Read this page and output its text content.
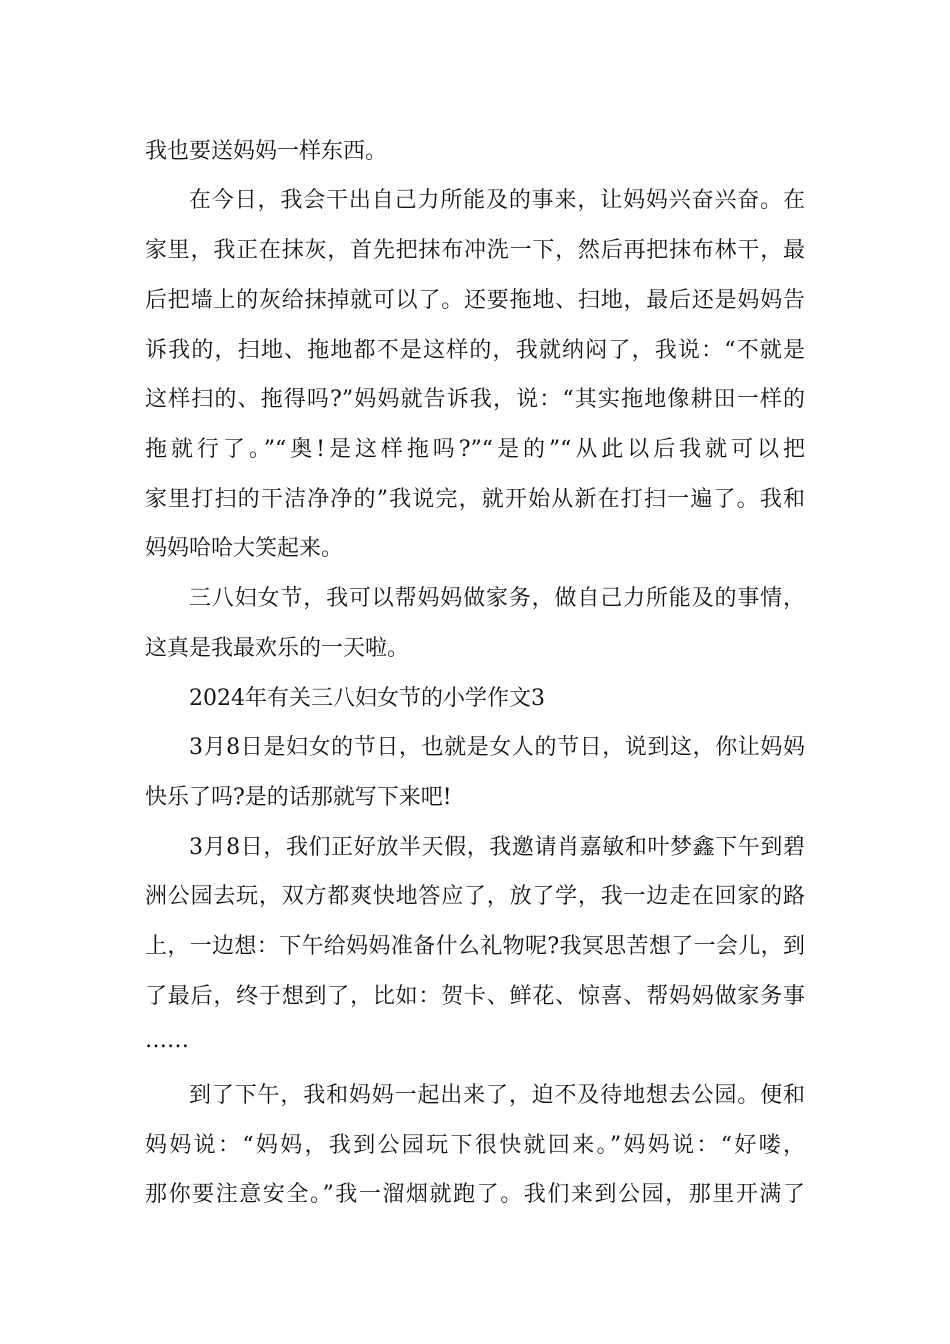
我也要送妈妈一样东西。
在今日，我会干出自己力所能及的事来，让妈妈兴奋兴奋。在
家里，我正在抹灰，首先把抹布冲洗一下，然后再把抹布林干，最
后把墙上的灰给抹掉就可以了。还要拖地、扫地，最后还是妈妈告
诉我的，扫地、拖地都不是这样的，我就纳闷了，我说：“不就是
这样扫的、拖得吗?”妈妈就告诉我，说：“其实拖地像耕田一样的
拖就行了。”“奥!是这样拖吗?”“是的”“从此以后我就可以把
家里打扫的干洁净净的”我说完，就开始从新在打扫一遍了。我和
妈妈哈哈大笑起来。
三八妇女节，我可以帮妈妈做家务，做自己力所能及的事情，
这真是我最欢乐的一天啦。
2024年有关三八妇女节的小学作文3
3月8日是妇女的节日，也就是女人的节日，说到这，你让妈妈
快乐了吗?是的话那就写下来吧!
3月8日，我们正好放半天假，我邀请肖嘉敏和叶梦鑫下午到碧
洲公园去玩，双方都爽快地答应了，放了学，我一边走在回家的路
上，一边想：下午给妈妈准备什么礼物呢?我冥思苦想了一会儿，到
了最后，终于想到了，比如：贺卡、鲜花、惊喜、帮妈妈做家务事
……
到了下午，我和妈妈一起出来了，迫不及待地想去公园。便和
妈妈说：“妈妈，我到公园玩下很快就回来。”妈妈说：“好喽，
那你要注意安全。”我一溜烟就跑了。我们来到公园，那里开满了
